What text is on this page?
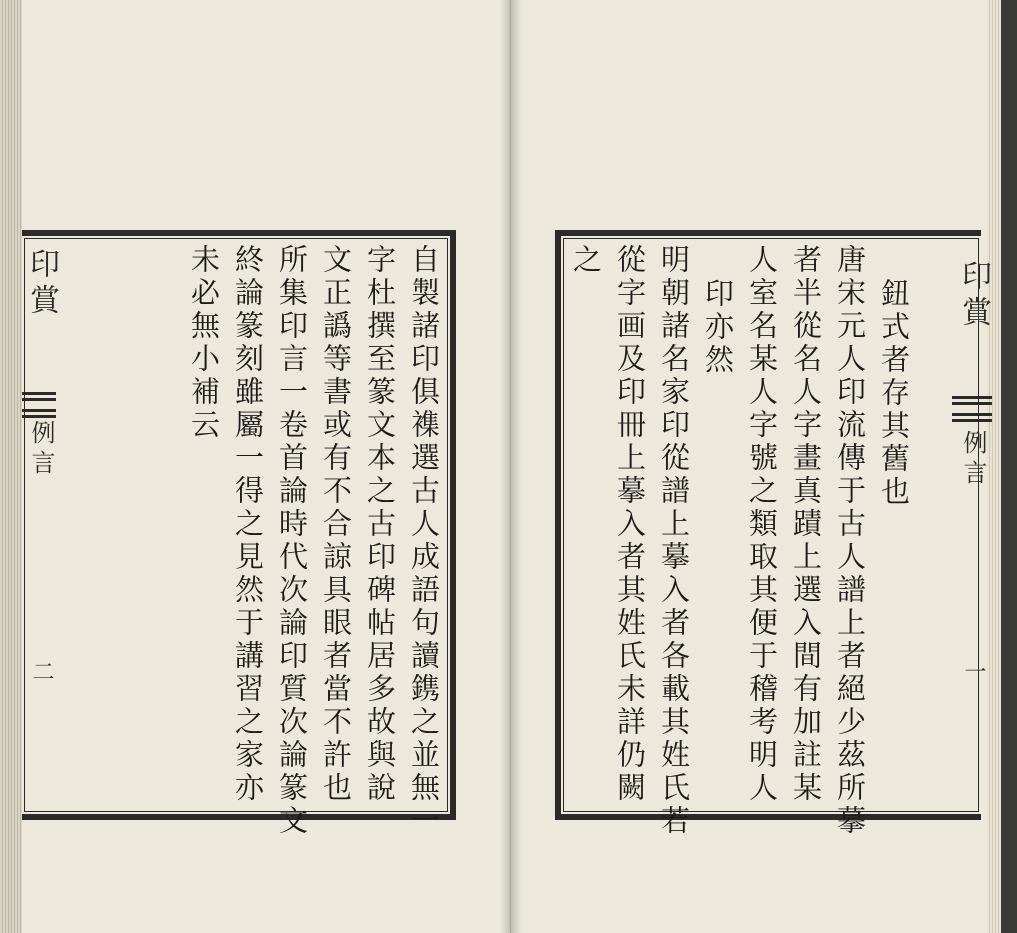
印賞
例言
二	自製諸印俱襍選古人成語句讀鎸之並無一
字杜撰至篆文本之古印碑帖居多故與說
文正譌等書或有不合諒具眼者當不許也
所集印言一卷首論時代次論印質次論篆文
終論篆刻雖屬一得之見然于講習之家亦
未必無小補云	印賞
例言
一
鈕式者存其舊也
唐宋元人印流傳于古人譜上者絕少茲所摹
者半從名人字畫真蹟上選入間有加註某
人室名某人字號之類取其便于稽考明人
印亦然
明朝諸名家印從譜上摹入者各載其姓氏若
從字画及印冊上摹入者其姓氏未詳仍闕
之
